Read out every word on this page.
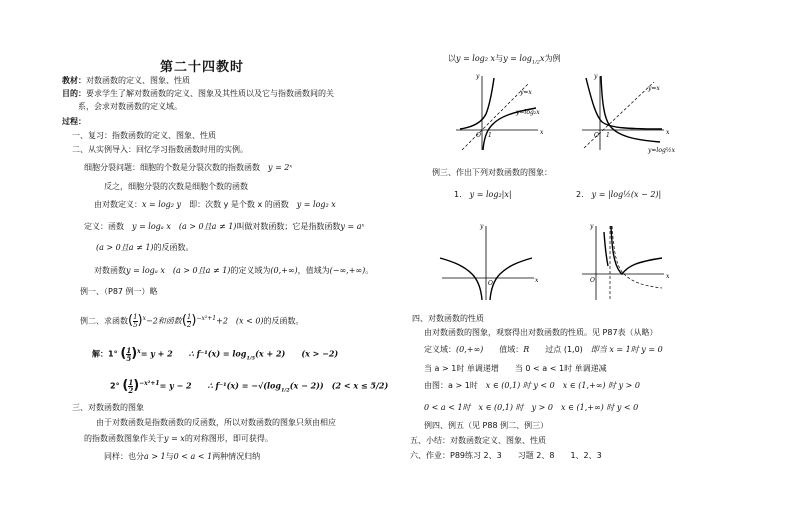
第二十四教时
教材：对数函数的定义、图象、性质
目的：要求学生了解对数函数的定义、图象及其性质以及它与指数函数间的关
系，会求对数函数的定义域。
过程：
一、复习：指数函数的定义、图象、性质
二、从实例导入：回忆学习指数函数时用的实例。
细胞分裂问题：细胞的个数是分裂次数的指数函数　 y = 2ˣ
反之，细胞分裂的次数是细胞个数的函数
由对数定义：x = log₂ y　 即：次数 y 是个数 x 的函数　 y = log₂ x
定义：函数　 y = logₐ x　 (a > 0且a ≠ 1)叫做对数函数；它是指数函数y = aˣ
(a > 0且a ≠ 1)的反函数。
对数函数y = logₐ x　 (a > 0且a ≠ 1)的定义域为(0,+∞)，值域为(−∞,+∞)。
例一、（P87 例一）略
例二、求函数( $\frac{1}{5} )^x-2$和函数( $\frac{1}{2} )^{-x^2+1}+2$　 (x < 0)的反函数。
解：1° ( $\frac{1}{5} )^x= y + 2$　　 ∴ $f^{-1}(x) = \log_{1/5}(x + 2)$　　 (x > −2)
2° ( $\frac{1}{2} )^{-x^2+1}= y - 2$　　 ∴ $f^{-1}(x) = -√(\log_{1/2}(x - 2))$　 (2 < x ≤ 5/2)
三、对数函数的图象
由于对数函数是指数函数的反函数，所以对数函数的图象只须由相应
的指数函数图象作关于y = x的对称图形，即可获得。
同样：也分a > 1与0 < a < 1两种情况归纳
以y = log₂ x与$y = \log_{1/2}x$为例
x
y
O 1
y=x
y=log₂x
x
y
O 1
y=x
y=log½x
例三、作出下列对数函数的图象：
1.　 y = log₂|x|	2.　 y = |log½(x − 2)|
x
y
O
x
y
O
四、对数函数的性质
由对数函数的图象，观察得出对数函数的性质。见 P87表（从略）
定义域：(0,+∞)　　 值域：R　　 过点 (1,0)　 即当 x = 1时 y = 0
当 a > 1时 单调递增　　 当 0 < a < 1时 单调递减
由图：a > 1时　 x ∈ (0,1) 时 y < 0　 x ∈ (1,+∞) 时 y > 0
0 < a < 1时　 x ∈ (0,1) 时　 y > 0　 x ∈ (1,+∞) 时 y < 0
例四、例五（见 P88 例二、例三）
五、小结：对数函数定义、图象、性质
六、作业：P89练习 2、3　　习题 2、8　　1、2、3
